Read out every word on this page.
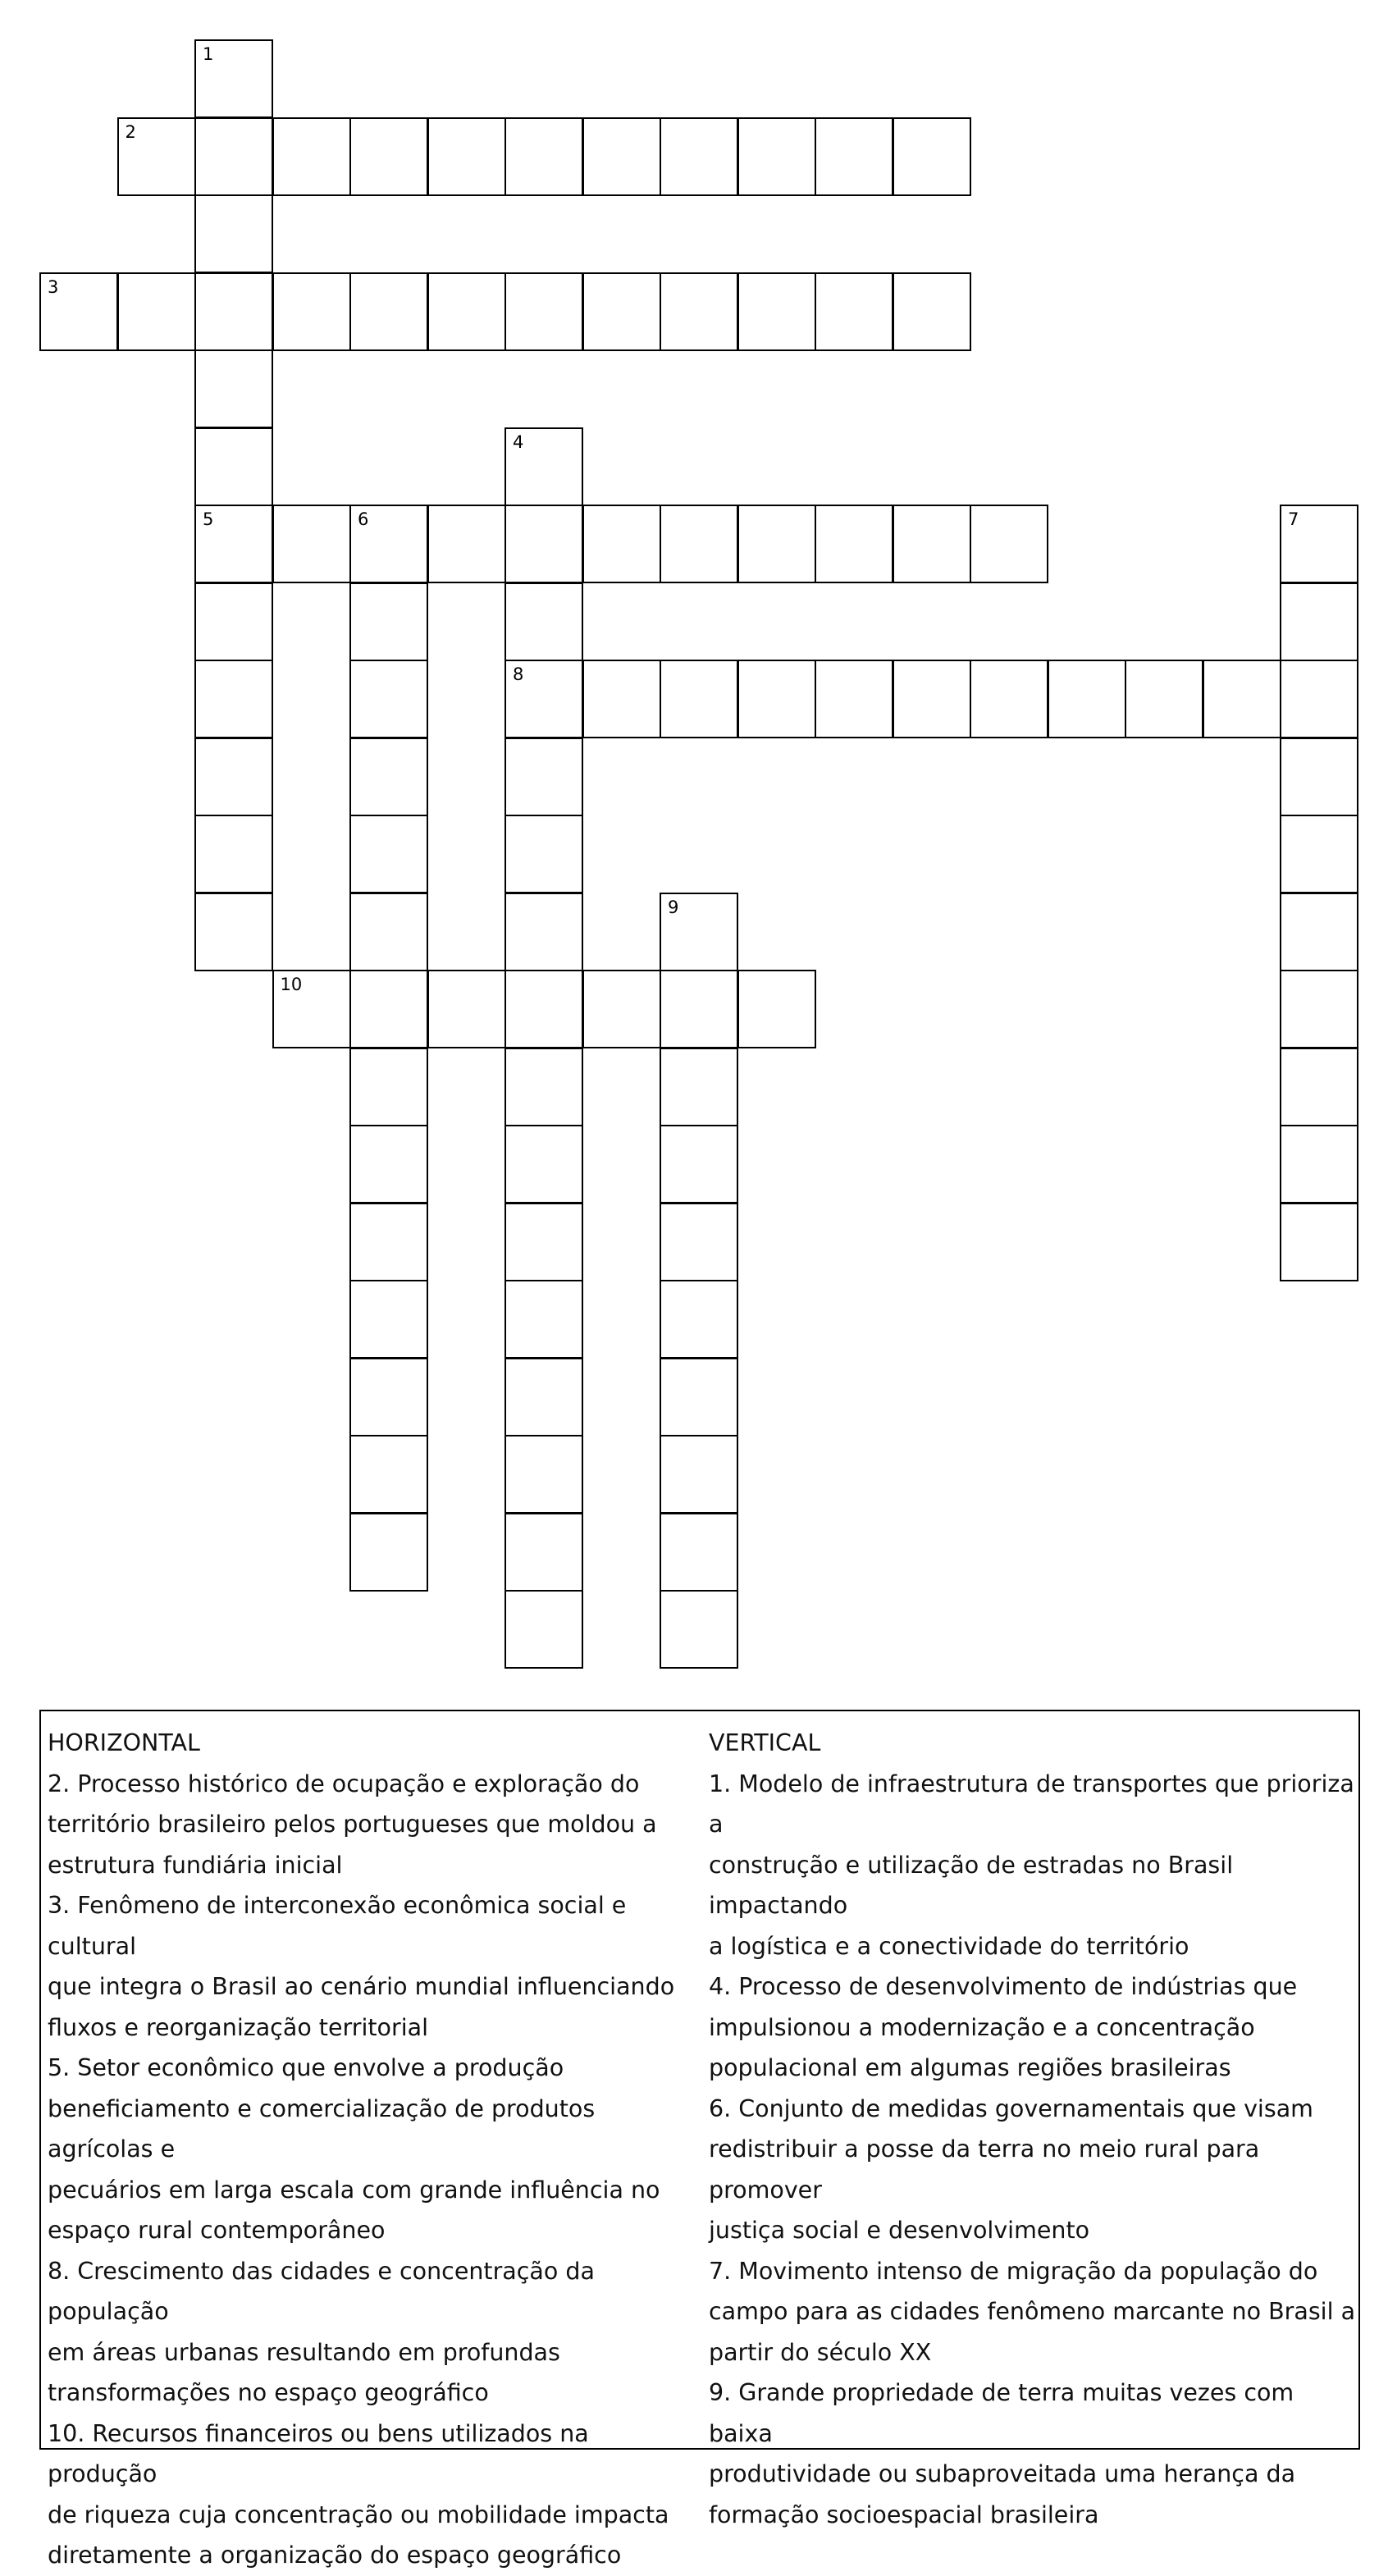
1
5
2
3
4
8
6	7
9
10
HORIZONTAL
2. Processo histórico de ocupação e exploração do
território brasileiro pelos portugueses que moldou a
estrutura fundiária inicial
3. Fenômeno de interconexão econômica social e cultural
que integra o Brasil ao cenário mundial influenciando
fluxos e reorganização territorial
5. Setor econômico que envolve a produção
beneficiamento e comercialização de produtos agrícolas e
pecuários em larga escala com grande influência no
espaço rural contemporâneo
8. Crescimento das cidades e concentração da população
em áreas urbanas resultando em profundas
transformações no espaço geográfico
10. Recursos financeiros ou bens utilizados na produção
de riqueza cuja concentração ou mobilidade impacta
diretamente a organização do espaço geográfico
VERTICAL
1. Modelo de infraestrutura de transportes que prioriza a
construção e utilização de estradas no Brasil impactando
a logística e a conectividade do território
4. Processo de desenvolvimento de indústrias que
impulsionou a modernização e a concentração
populacional em algumas regiões brasileiras
6. Conjunto de medidas governamentais que visam
redistribuir a posse da terra no meio rural para promover
justiça social e desenvolvimento
7. Movimento intenso de migração da população do
campo para as cidades fenômeno marcante no Brasil a
partir do século XX
9. Grande propriedade de terra muitas vezes com baixa
produtividade ou subaproveitada uma herança da
formação socioespacial brasileira
